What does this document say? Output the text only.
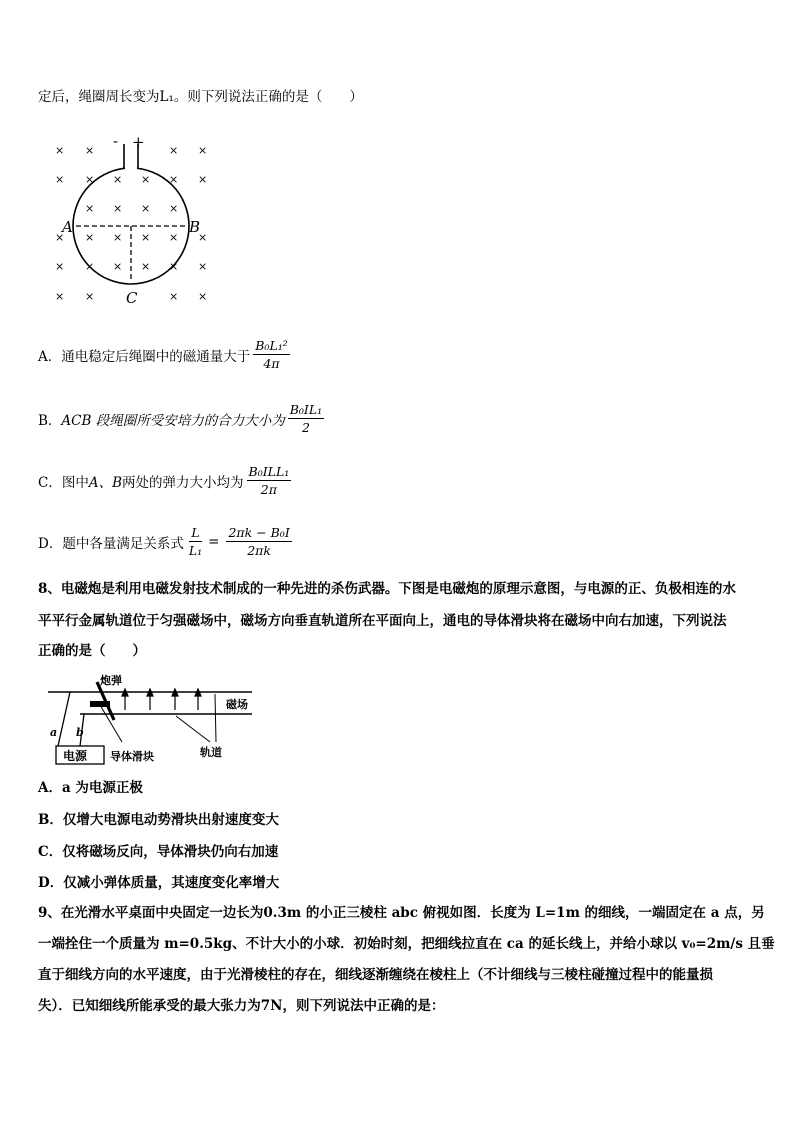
定后，绳圈周长变为L₁。则下列说法正确的是（　　）
× ×	× ×
× × × × × ×
× × × ×
× × × × × ×
× × × × × ×
× ×	× ×
- +
A	B
C
A．通电稳定后绳圈中的磁通量大于 $\frac{\text{B₀L₁²}}{4\pi}$
B． ACB 段绳圈所受安培力的合力大小为 $\frac{\text{B₀IL₁}}{2}$
C．图中 A、B 两处的弹力大小均为 $\frac{\text{B₀ILL₁}}{2\pi}$
D．题中各量满足关系式 $\frac{L}{\text{L₁}} = \frac{\text{2πk − B₀I}}{2\pi k}$
8、电磁炮是利用电磁发射技术制成的一种先进的杀伤武器。下图是电磁炮的原理示意图，与电源的正、负极相连的水
平平行金属轨道位于匀强磁场中，磁场方向垂直轨道所在平面向上，通电的导体滑块将在磁场中向右加速，下列说法
正确的是（　　）
电源
a b
炮弹
磁场
导体滑块	轨道
A．a 为电源正极
B．仅增大电源电动势滑块出射速度变大
C．仅将磁场反向，导体滑块仍向右加速
D．仅减小弹体质量，其速度变化率增大
9、在光滑水平桌面中央固定一边长为0.3m 的小正三棱柱 abc 俯视如图．长度为 L=1m 的细线，一端固定在 a 点，另
一端拴住一个质量为 m=0.5kg、不计大小的小球．初始时刻，把细线拉直在 ca 的延长线上，并给小球以 v₀=2m/s 且垂
直于细线方向的水平速度，由于光滑棱柱的存在，细线逐渐缠绕在棱柱上（不计细线与三棱柱碰撞过程中的能量损
失）．已知细线所能承受的最大张力为7N，则下列说法中正确的是：
